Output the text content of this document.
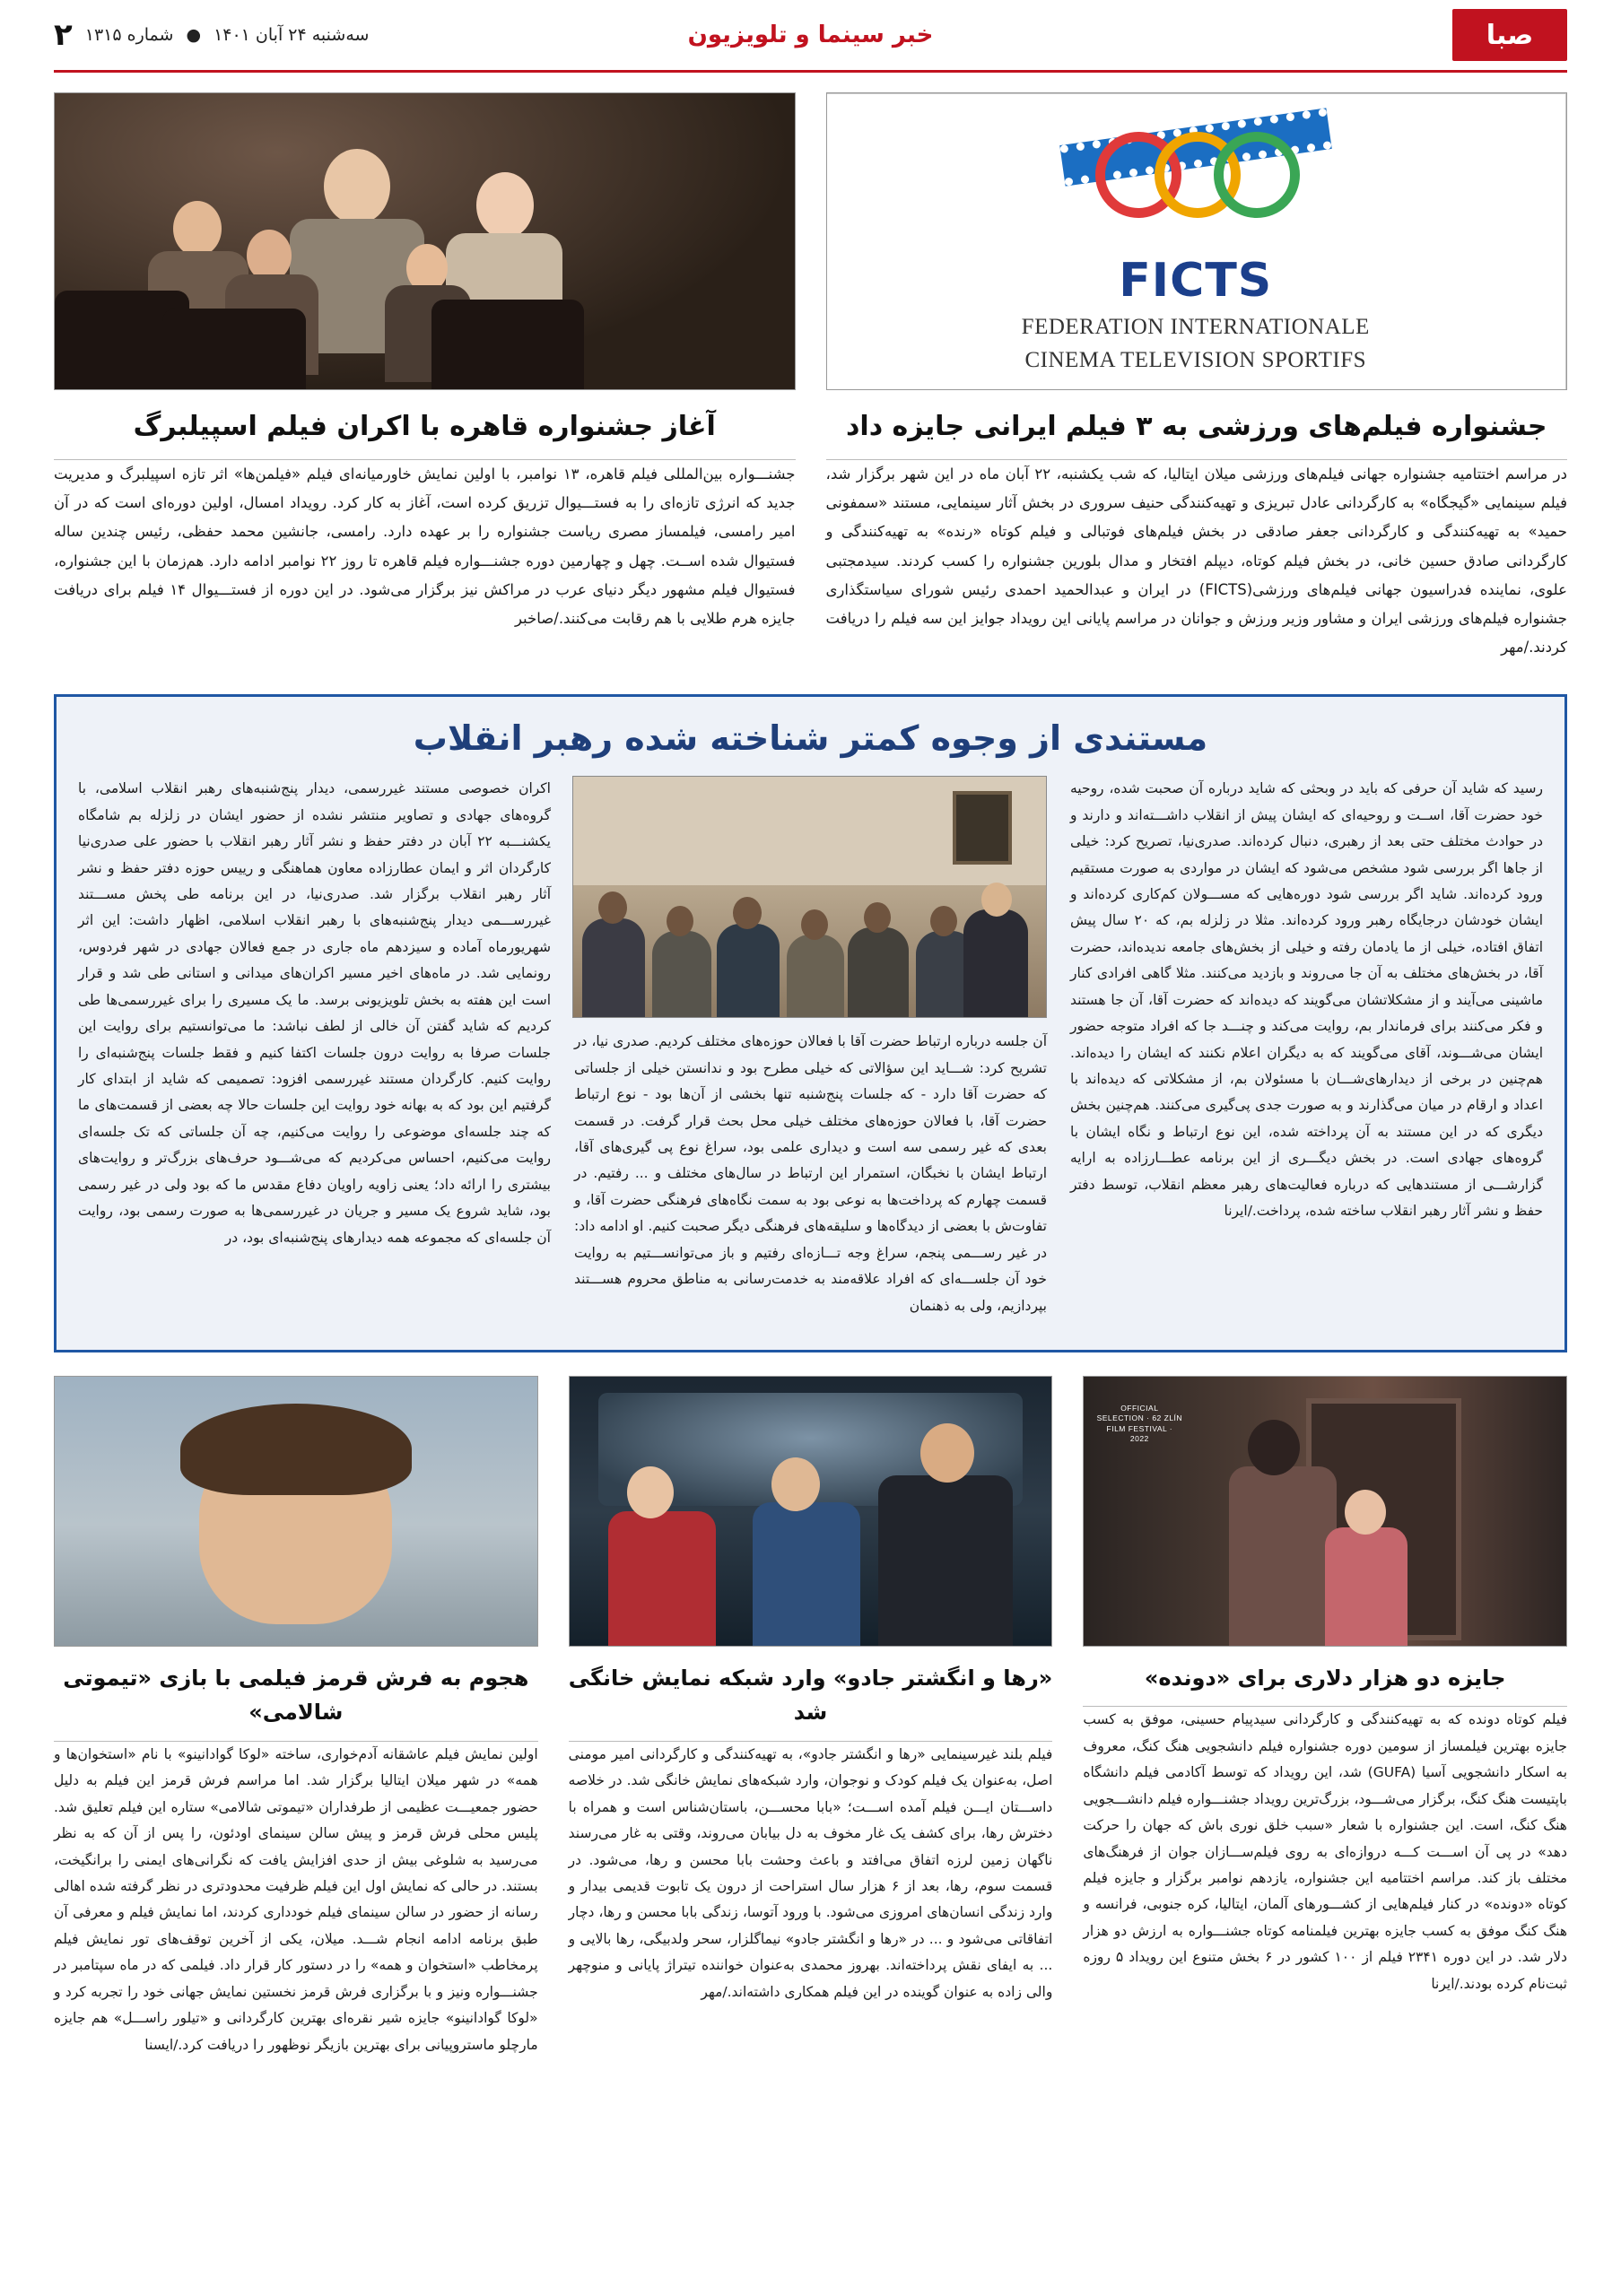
صبا
خبر سینما و تلویزیون
سه‌شنبه ۲۴ آبان ۱۴۰۱
●
شماره ۱۳۱۵
۲
FICTS
FEDERATION INTERNATIONALE
CINEMA TELEVISION SPORTIFS
جشنواره فیلم‌های ورزشی به ۳ فیلم ایرانی جایزه داد

در مراسم اختتامیه جشنواره جهانی فیلم‌های ورزشی میلان ایتالیا، که شب یکشنبه، ۲۲ آبان ماه در این شهر برگزار شد، فیلم سینمایی «گیجگاه» به کارگردانی عادل تبریزی و تهیه‌کنندگی حنیف سروری در بخش آثار سینمایی، مستند «سمفونی حمید» به تهیه‌کنندگی و کارگردانی جعفر صادقی در بخش فیلم‌های فوتبالی و فیلم کوتاه «رنده» به تهیه‌کنندگی و کارگردانی صادق حسین خانی، در بخش فیلم کوتاه، دیپلم افتخار و مدال بلورین جشنواره را کسب کردند. سیدمجتبی علوی، نماینده فدراسیون جهانی فیلم‌های ورزشی(FICTS) در ایران و عبدالحمید احمدی رئیس شورای سیاستگذاری جشنواره فیلم‌های ورزشی ایران و مشاور وزیر ورزش و جوانان در مراسم پایانی این رویداد جوایز این سه فیلم را دریافت کردند./مهر

آغاز جشنواره قاهره با اکران فیلم اسپیلبرگ

جشنـــواره بین‌المللی فیلم قاهره، ۱۳ نوامبر، با اولین نمایش خاورمیانه‌ای فیلم «فیلمن‌ها» اثر تازه اسپیلبرگ و مدیریت جدید که انرژی تازه‌ای را به فستـــیوال تزریق کرده است، آغاز به کار کرد. رویداد امسال، اولین دوره‌ای است که در آن امیر رامسی، فیلمساز مصری ریاست جشنواره را بر عهده دارد. رامسی، جانشین محمد حفظی، رئیس چندین ساله فستیوال شده اســت. چهل و چهارمین دوره جشنـــواره فیلم قاهره تا روز ۲۲ نوامبر ادامه دارد. هم‌زمان با این جشنواره، فستیوال فیلم مشهور دیگر دنیای عرب در مراکش نیز برگزار می‌شود. در این دوره از فستـــیوال ۱۴ فیلم برای دریافت جایزه هرم طلایی با هم رقابت می‌کنند./صاخبر

مستندی از وجوه کمتر شناخته شده رهبر انقلاب

رسید که شاید آن حرفی که باید در وبحثی که شاید درباره آن صحبت شده، روحیه خود حضرت آقا، اســت و روحیه‌ای که ایشان پیش از انقلاب داشـــته‌اند و دارند و در حوادث مختلف حتی بعد از رهبری، دنبال کرده‌اند. صدری‌نیا، تصریح کرد: خیلی از جاها اگر بررسی شود مشخص می‌شود که ایشان در مواردی به صورت مستقیم ورود کرده‌اند. شاید اگر بررسی شود دوره‌هایی که مســـولان کم‌کاری کرده‌اند و ایشان خودشان درجایگاه رهبر ورود کرده‌اند. مثلا در زلزله بم، که ۲۰ سال پیش اتفاق افتاده، خیلی از ما یادمان رفته و خیلی از بخش‌های جامعه ندیده‌اند، حضرت آقا، در بخش‌های مختلف به آن جا می‌روند و بازدید می‌کنند. مثلا گاهی افرادی کنار ماشینی می‌آیند و از مشکلاتشان می‌گویند که دیده‌اند که حضرت آقا، آن جا هستند و فکر می‌کنند برای فرماندار بم، روایت می‌کند و چنـــد جا که افراد متوجه حضور ایشان می‌شـــوند، آقای می‌گویند که به دیگران اعلام نکنند که ایشان را دیده‌اند. هم‌چنین در برخی از دیدارهای‌شـــان با مسئولان بم، از مشکلاتی که دیده‌اند با اعداد و ارقام در میان می‌گذارند و به صورت جدی پی‌گیری می‌کنند. هم‌چنین بخش دیگری که در این مستند به آن پرداخته شده، این نوع ارتباط و نگاه ایشان با گروه‌های جهادی است. در بخش دیگـــری از این برنامه عطـــارزاده به ارایه گزارشـــی از مستندهایی که درباره فعالیت‌های رهبر معظم انقلاب، توسط دفتر حفظ و نشر آثار رهبر انقلاب ساخته شده، پرداخت./ایرنا

آن جلسه درباره ارتباط حضرت آقا با فعالان حوزه‌های مختلف کردیم. صدری نیا، در تشریح کرد: شـــاید این سؤالاتی که خیلی مطرح بود و ندانستن خیلی از جلساتی که حضرت آقا دارد - که جلسات پنج‌شنبه تنها بخشی از آن‌ها بود - نوع ارتباط حضرت آقا، با فعالان حوزه‌های مختلف خیلی محل بحث قرار گرفت. در قسمت بعدی که غیر رسمی سه است و دیداری علمی بود، سراغ نوع پی گیری‌های آقا، ارتباط ایشان با نخبگان، استمرار این ارتباط در سال‌های مختلف و ... رفتیم. در قسمت چهارم که پرداخت‌ها به نوعی بود به سمت نگاه‌های فرهنگی حضرت آقا، و تفاوت‌ش با بعضی از دیدگاه‌ها و سلیقه‌های فرهنگی دیگر صحبت کنیم. او ادامه داد: در غیر رســـمی پنجم، سراغ وجه تـــازه‌ای رفتیم و باز می‌توانســـتیم به روایت خود آن جلســـه‌ای که افراد علاقه‌مند به خدمت‌رسانی به مناطق محروم هســـتند بپردازیم، ولی به ذهنمان

اکران خصوصی مستند غیررسمی، دیدار پنج‌شنبه‌های رهبر انقلاب اسلامی، با گروه‌های جهادی و تصاویر منتشر نشده از حضور ایشان در زلزله بم شامگاه یکشنـــبه ۲۲ آبان در دفتر حفظ و نشر آثار رهبر انقلاب با حضور علی صدری‌نیا کارگردان اثر و ایمان عطارزاده معاون هماهنگی و رییس حوزه دفتر حفظ و نشر آثار رهبر انقلاب برگزار شد. صدری‌نیا، در این برنامه طی پخش مســـتند غیررســـمی دیدار پنج‌شنبه‌های با رهبر انقلاب اسلامی، اظهار داشت: این اثر شهریورماه آماده و سیزدهم ماه جاری در جمع فعالان جهادی در شهر فردوس، رونمایی شد. در ماه‌های اخیر مسیر اکران‌های میدانی و استانی طی شد و قرار است این هفته به بخش تلویزیونی برسد. ما یک مسیری را برای غیررسمی‌ها طی کردیم که شاید گفتن آن خالی از لطف نباشد: ما می‌توانستیم برای روایت این جلسات صرفا به روایت درون جلسات اکتفا کنیم و فقط جلسات پنج‌شنبه‌ای را روایت کنیم. کارگردان مستند غیررسمی افزود: تصمیمی که شاید از ابتدای کار گرفتیم این بود که به بهانه خود روایت این جلسات حالا چه بعضی از قسمت‌های ما که چند جلسه‌ای موضوعی را روایت می‌کنیم، چه آن جلساتی که تک جلسه‌ای روایت می‌کنیم، احساس می‌کردیم که می‌شـــود حرف‌های بزرگ‌تر و روایت‌های بیشتری را ارائه داد؛ یعنی زاویه راویان دفاع مقدس ما که بود ولی در غیر رسمی بود، شاید شروع یک مسیر و جریان در غیررسمی‌ها به صورت رسمی بود، روایت آن جلسه‌ای که مجموعه همه دیدارهای پنج‌شنبه‌ای بود، در

OFFICIAL SELECTION · 62 ZLÍN FILM FESTIVAL · 2022
جایزه دو هزار دلاری برای «دونده»

فیلم کوتاه دونده که به تهیه‌کنندگی و کارگردانی سیدپیام حسینی، موفق به کسب جایزه بهترین فیلمساز از سومین دوره جشنواره فیلم دانشجویی هنگ کنگ، معروف به اسکار دانشجویی آسیا (GUFA) شد، این رویداد که توسط آکادمی فیلم دانشگاه باپتیست هنگ کنگ، برگزار می‌شـــود، بزرگ‌ترین رویداد جشنـــواره فیلم دانشـــجویی هنگ کنگ، است. این جشنواره با شعار «سبب خلق نوری باش که جهان را حرکت دهد» در پی آن اســـت کـــه دروازه‌ای به روی فیلم‌ســـازان جوان از فرهنگ‌های مختلف باز کند. مراسم اختتامیه این جشنواره، یازدهم نوامبر برگزار و جایزه فیلم کوتاه «دونده» در کنار فیلم‌هایی از کشـــورهای آلمان، ایتالیا، کره جنوبی، فرانسه و هنگ کنگ موفق به کسب جایزه بهترین فیلمنامه کوتاه جشنـــواره به ارزش دو هزار دلار شد. در این دوره ۲۳۴۱ فیلم از ۱۰۰ کشور در ۶ بخش متنوع این رویداد ۵ روزه ثبت‌نام کرده بودند./ایرنا

«رها و انگشتر جادو» وارد شبکه نمایش خانگی شد

فیلم بلند غیرسینمایی «رها و انگشتر جادو»، به تهیه‌کنندگی و کارگردانی امیر مومنی اصل، به‌عنوان یک فیلم کودک و نوجوان، وارد شبکه‌های نمایش خانگی شد. در خلاصه داســـتان ایـــن فیلم آمده اســـت؛ «بابا محســـن، باستان‌شناس است و همراه با دخترش رها، برای کشف یک غار مخوف به دل بیابان می‌روند، وقتی به غار می‌رسند ناگهان زمین لرزه اتفاق می‌افتد و باعث وحشت بابا محسن و رها، می‌شود. در قسمت سوم، رها، بعد از ۶ هزار سال استراحت از درون یک تابوت قدیمی بیدار و وارد زندگی انسان‌های امروزی می‌شود. با ورود آتوسا، زندگی بابا محسن و رها، دچار اتفاقاتی می‌شود و ... در «رها و انگشتر جادو» نیماگلزار، سحر ولدبیگی، رها بالایی و ... به ایفای نقش پرداخته‌اند. بهروز محمدی به‌عنوان خواننده تیتراژ پایانی و منوچهر والی زاده به عنوان گوینده در این فیلم همکاری داشته‌اند./مهر

هجوم به فرش قرمز فیلمی با بازی «تیموتی شالامی»

اولین نمایش فیلم عاشقانه آدم‌خواری، ساخته «لوکا گوادانینو» با نام «استخوان‌ها و همه» در شهر میلان ایتالیا برگزار شد. اما مراسم فرش قرمز این فیلم به دلیل حضور جمعیـــت عظیمی از طرفداران «تیموتی شالامی» ستاره این فیلم تعلیق شد. پلیس محلی فرش قرمز و پیش سالن سینمای اودئون، را پس از آن که به نظر می‌رسید به شلوغی بیش از حدی افزایش یافت که نگرانی‌های ایمنی را برانگیخت، بستند. در حالی که نمایش اول این فیلم ظرفیت محدودتری در نظر گرفته شده اهالی رسانه از حضور در سالن سینمای فیلم خودداری کردند، اما نمایش فیلم و معرفی آن طبق برنامه ادامه انجام شـــد. میلان، یکی از آخرین توقف‌های تور نمایش فیلم پرمخاطب «استخوان و همه» را در دستور کار قرار داد. فیلمی که در ماه سپتامبر در جشنـــواره ونیز و با برگزاری فرش قرمز نخستین نمایش جهانی خود را تجربه کرد و «لوکا گوادانینو» جایزه شیر نقره‌ای بهترین کارگردانی و «تیلور راســـل» هم جایزه مارچلو ماستروپیانی برای بهترین بازیگر نوظهور را دریافت کرد./ایسنا
